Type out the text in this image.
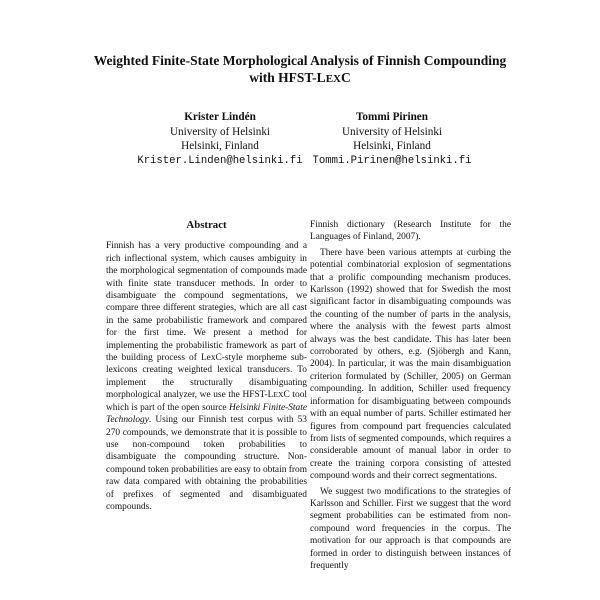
Weighted Finite-State Morphological Analysis of Finnish Compounding
with HFST-LEXC
Krister Lindén
University of Helsinki
Helsinki, Finland
Krister.Linden@helsinki.fi
Tommi Pirinen
University of Helsinki
Helsinki, Finland
Tommi.Pirinen@helsinki.fi
Abstract

Finnish has a very productive compounding and a rich inflectional system, which causes ambiguity in the morphological segmentation of compounds made with finite state transducer methods. In order to disambiguate the compound segmentations, we compare three different strategies, which are all cast in the same probabilistic framework and compared for the first time. We present a method for implementing the probabilistic framework as part of the building process of LexC-style morpheme sub-lexicons creating weighted lexical transducers. To implement the structurally disambiguating morphological analyzer, we use the HFST-LEXC tool which is part of the open source Helsinki Finite-State Technology. Using our Finnish test corpus with 53 270 compounds, we demonstrate that it is possible to use non-compound token probabilities to disambiguate the compounding structure. Non-compound token probabilities are easy to obtain from raw data compared with obtaining the probabilities of prefixes of segmented and disambiguated compounds.

Finnish dictionary (Research Institute for the Languages of Finland, 2007).

There have been various attempts at curbing the potential combinatorial explosion of segmentations that a prolific compounding mechanism produces. Karlsson (1992) showed that for Swedish the most significant factor in disambiguating compounds was the counting of the number of parts in the analysis, where the analysis with the fewest parts almost always was the best candidate. This has later been corroborated by others, e.g. (Sjöbergh and Kann, 2004). In particular, it was the main disambiguation criterion formulated by (Schiller, 2005) on German compounding. In addition, Schiller used frequency information for disambiguating between compounds with an equal number of parts. Schiller estimated her figures from compound part frequencies calculated from lists of segmented compounds, which requires a considerable amount of manual labor in order to create the training corpora consisting of attested compound words and their correct segmentations.

We suggest two modifications to the strategies of Karlsson and Schiller. First we suggest that the word segment probabilities can be estimated from non-compound word frequencies in the corpus. The motivation for our approach is that compounds are formed in order to distinguish between instances of frequently
